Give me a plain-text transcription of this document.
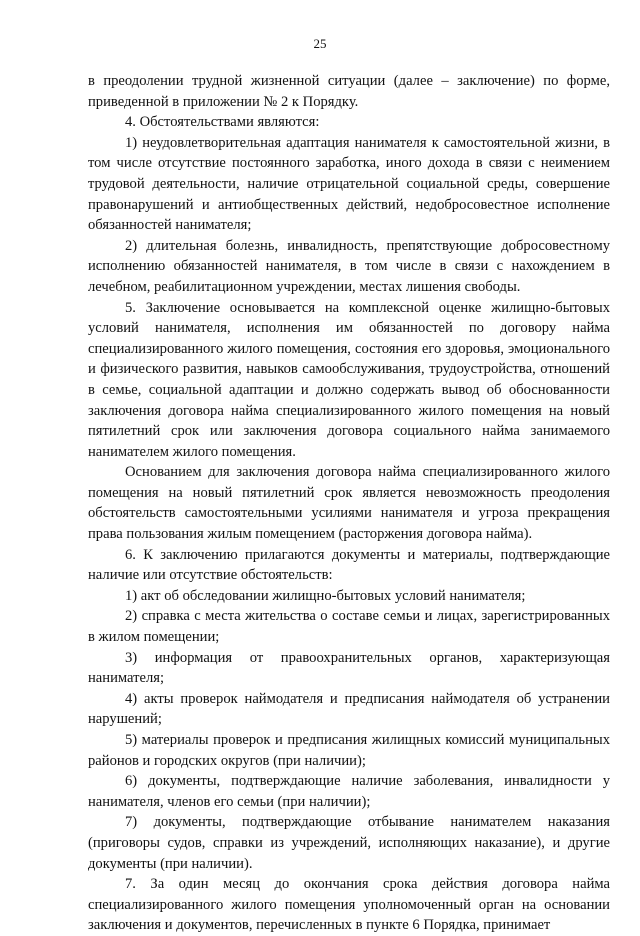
25

в преодолении трудной жизненной ситуации (далее – заключение) по форме, приведенной в приложении № 2 к Порядку.

4. Обстоятельствами являются:

1) неудовлетворительная адаптация нанимателя к самостоятельной жизни, в том числе отсутствие постоянного заработка, иного дохода в связи с неимением трудовой деятельности, наличие отрицательной социальной среды, совершение правонарушений и антиобщественных действий, недобросовестное исполнение обязанностей нанимателя;

2) длительная болезнь, инвалидность, препятствующие добросовестному исполнению обязанностей нанимателя, в том числе в связи с нахождением в лечебном, реабилитационном учреждении, местах лишения свободы.

5. Заключение основывается на комплексной оценке жилищно-бытовых условий нанимателя, исполнения им обязанностей по договору найма специализированного жилого помещения, состояния его здоровья, эмоционального и физического развития, навыков самообслуживания, трудоустройства, отношений в семье, социальной адаптации и должно содержать вывод об обоснованности заключения договора найма специализированного жилого помещения на новый пятилетний срок или заключения договора социального найма занимаемого нанимателем жилого помещения.

Основанием для заключения договора найма специализированного жилого помещения на новый пятилетний срок является невозможность преодоления обстоятельств самостоятельными усилиями нанимателя и угроза прекращения права пользования жилым помещением (расторжения договора найма).

6. К заключению прилагаются документы и материалы, подтверждающие наличие или отсутствие обстоятельств:

1) акт об обследовании жилищно-бытовых условий нанимателя;

2) справка с места жительства о составе семьи и лицах, зарегистрированных в жилом помещении;

3) информация от правоохранительных органов, характеризующая нанимателя;

4) акты проверок наймодателя и предписания наймодателя об устранении нарушений;

5) материалы проверок и предписания жилищных комиссий муниципальных районов и городских округов (при наличии);

6) документы, подтверждающие наличие заболевания, инвалидности у нанимателя, членов его семьи (при наличии);

7) документы, подтверждающие отбывание нанимателем наказания (приговоры судов, справки из учреждений, исполняющих наказание), и другие документы (при наличии).

7. За один месяц до окончания срока действия договора найма специализированного жилого помещения уполномоченный орган на основании заключения и документов, перечисленных в пункте 6 Порядка, принимает
